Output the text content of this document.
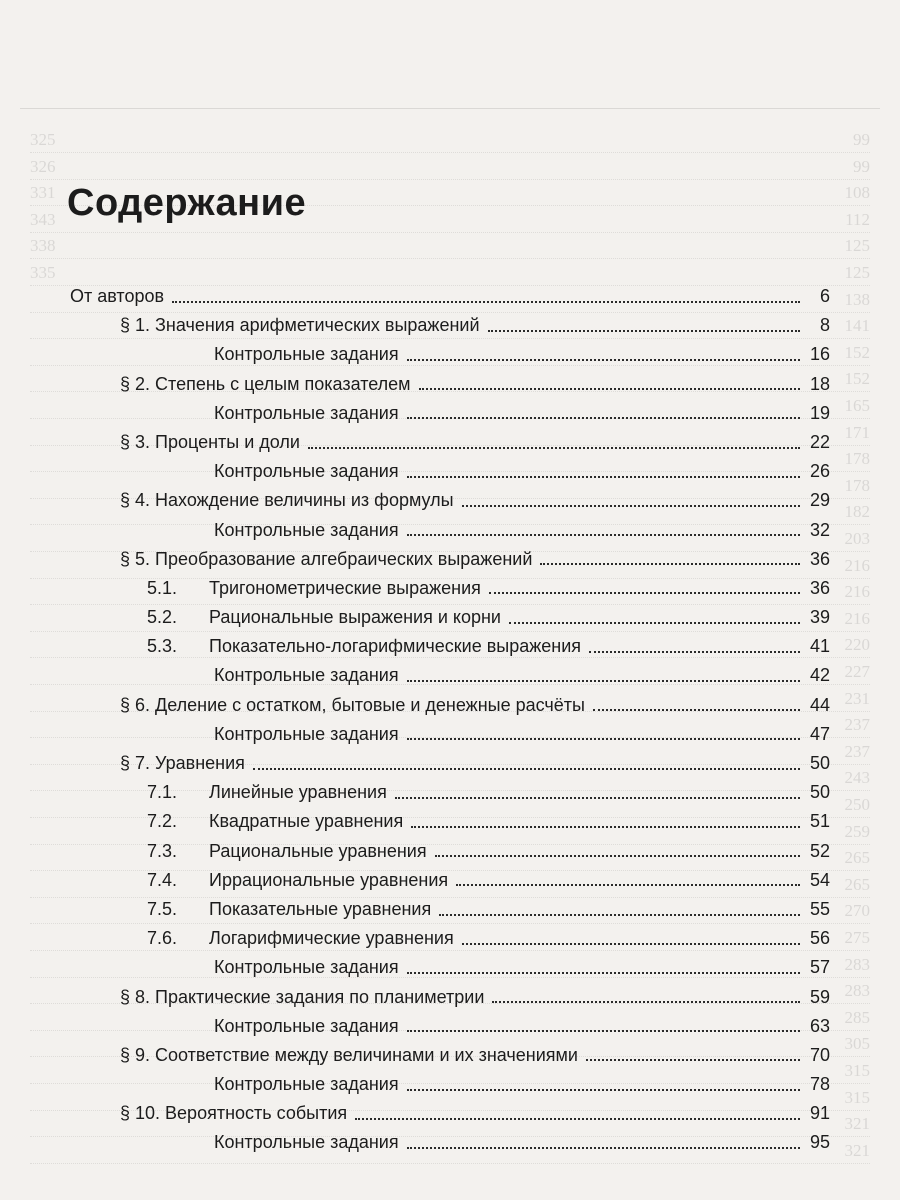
325	99
326	99
331	108
343	112
338	125
335	125
138
141
152
152
165
171
178
178
182
203
216
216
216
220
227
231
237
237
243
250
259
265
265
270
275
283
283
285
305
315
315
321
321
Содержание
От авторов	6
§ 1. Значения арифметических выражений	8
Контрольные задания	16
§ 2. Степень с целым показателем	18
Контрольные задания	19
§ 3. Проценты и доли	22
Контрольные задания	26
§ 4. Нахождение величины из формулы	29
Контрольные задания	32
§ 5. Преобразование алгебраических выражений	36
5.1.	Тригонометрические выражения	36
5.2.	Рациональные выражения и корни	39
5.3.	Показательно-логарифмические выражения	41
Контрольные задания	42
§ 6. Деление с остатком, бытовые и денежные расчёты	44
Контрольные задания	47
§ 7. Уравнения	50
7.1.	Линейные уравнения	50
7.2.	Квадратные уравнения	51
7.3.	Рациональные уравнения	52
7.4.	Иррациональные уравнения	54
7.5.	Показательные уравнения	55
7.6.	Логарифмические уравнения	56
Контрольные задания	57
§ 8. Практические задания по планиметрии	59
Контрольные задания	63
§ 9. Соответствие между величинами и их значениями	70
Контрольные задания	78
§ 10. Вероятность события	91
Контрольные задания	95
